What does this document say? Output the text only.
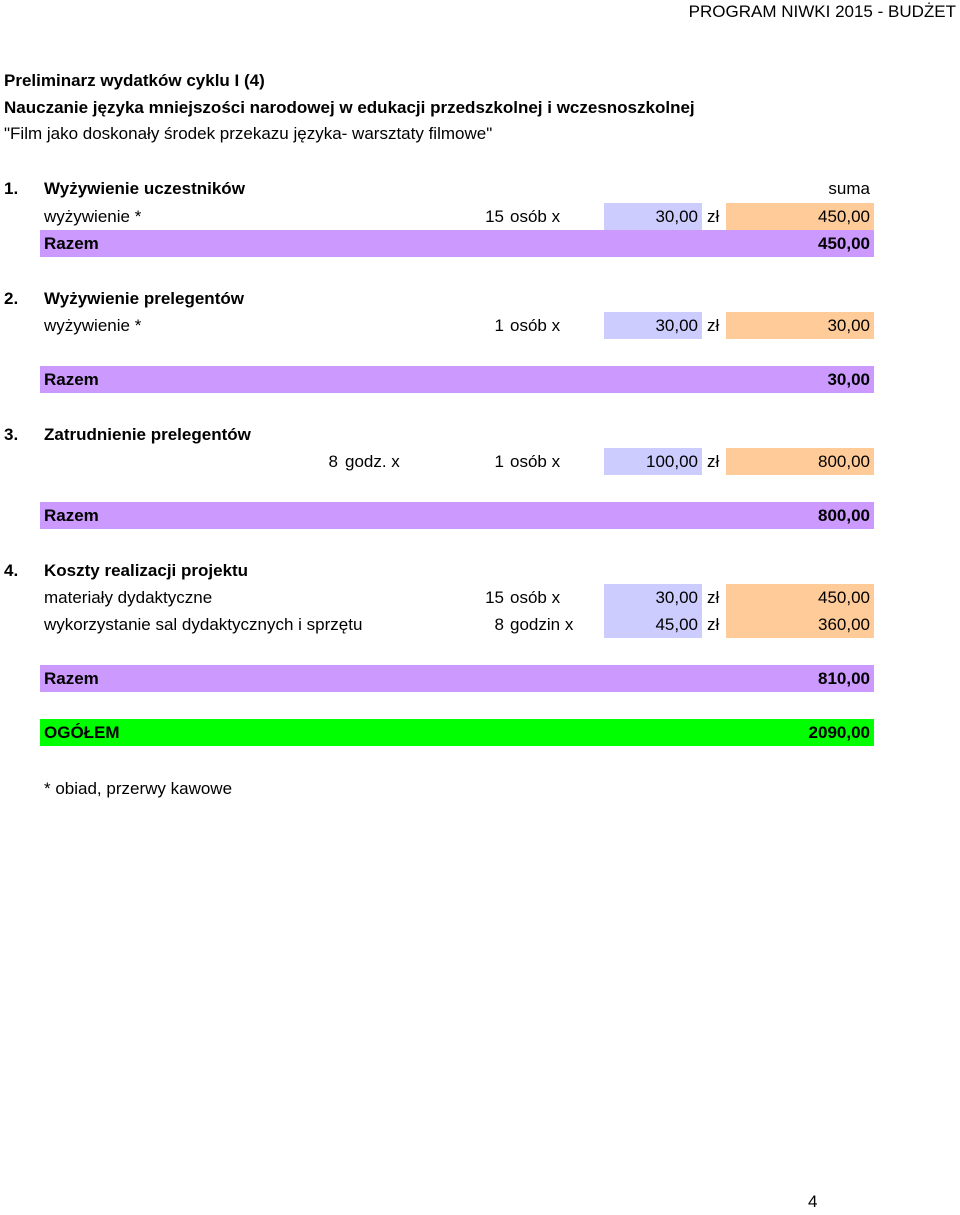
PROGRAM NIWKI 2015 - BUDŻET
Preliminarz wydatków cyklu I (4)
Nauczanie języka mniejszości narodowej w edukacji przedszkolnej i wczesnoszkolnej
"Film jako doskonały środek przekazu języka- warsztaty filmowe"
1. Wyżywienie uczestników	suma
wyżywienie *	15 osób x	30,00 zł	450,00
Razem	450,00
2. Wyżywienie prelegentów
wyżywienie *	1 osób x	30,00 zł	30,00
Razem	30,00
3. Zatrudnienie prelegentów
8 godz. x	1 osób x	100,00 zł	800,00
Razem	800,00
4. Koszty realizacji projektu
materiały dydaktyczne	15 osób x	30,00 zł	450,00
wykorzystanie sal dydaktycznych i sprzętu	8 godzin x	45,00 zł	360,00
Razem	810,00
OGÓŁEM	2090,00
* obiad, przerwy kawowe
4
